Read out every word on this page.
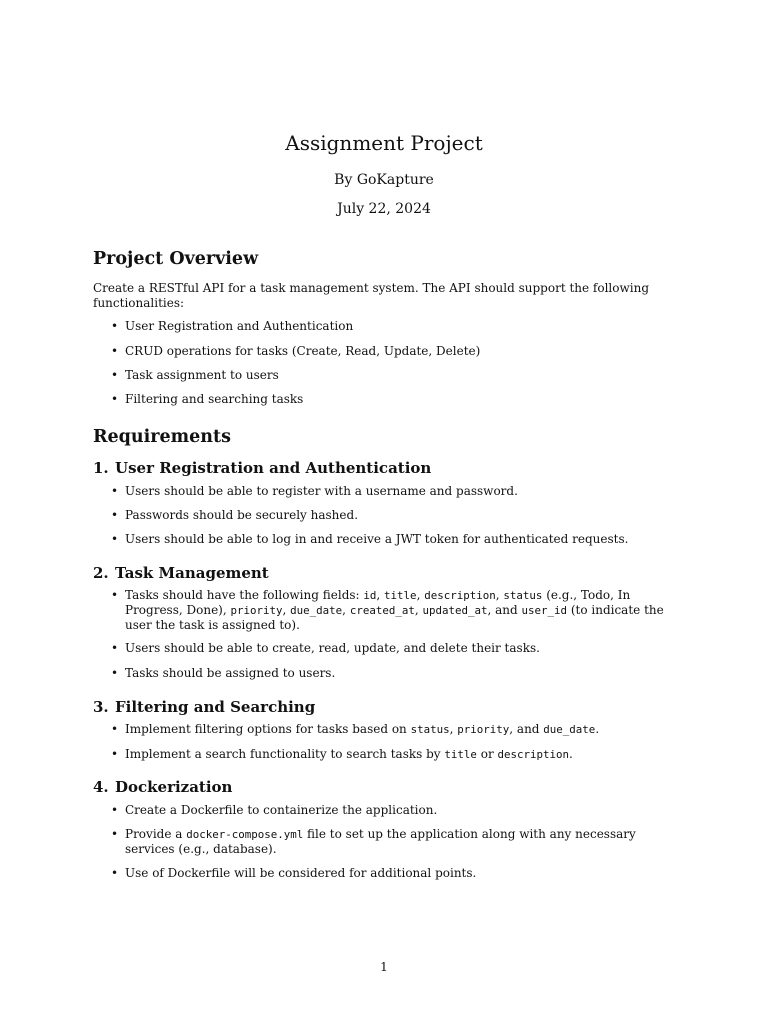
Assignment Project
By GoKapture
July 22, 2024
Project Overview
Create a RESTful API for a task management system. The API should support the following functionalities:
• User Registration and Authentication
• CRUD operations for tasks (Create, Read, Update, Delete)
• Task assignment to users
• Filtering and searching tasks
Requirements
1. User Registration and Authentication
• Users should be able to register with a username and password.
• Passwords should be securely hashed.
• Users should be able to log in and receive a JWT token for authenticated requests.
2. Task Management
• Tasks should have the following fields: id, title, description, status (e.g., Todo, In Progress, Done), priority, due_date, created_at, updated_at, and user_id (to indicate the user the task is assigned to).
• Users should be able to create, read, update, and delete their tasks.
• Tasks should be assigned to users.
3. Filtering and Searching
• Implement filtering options for tasks based on status, priority, and due_date.
• Implement a search functionality to search tasks by title or description.
4. Dockerization
• Create a Dockerfile to containerize the application.
• Provide a docker-compose.yml file to set up the application along with any necessary services (e.g., database).
• Use of Dockerfile will be considered for additional points.
1
